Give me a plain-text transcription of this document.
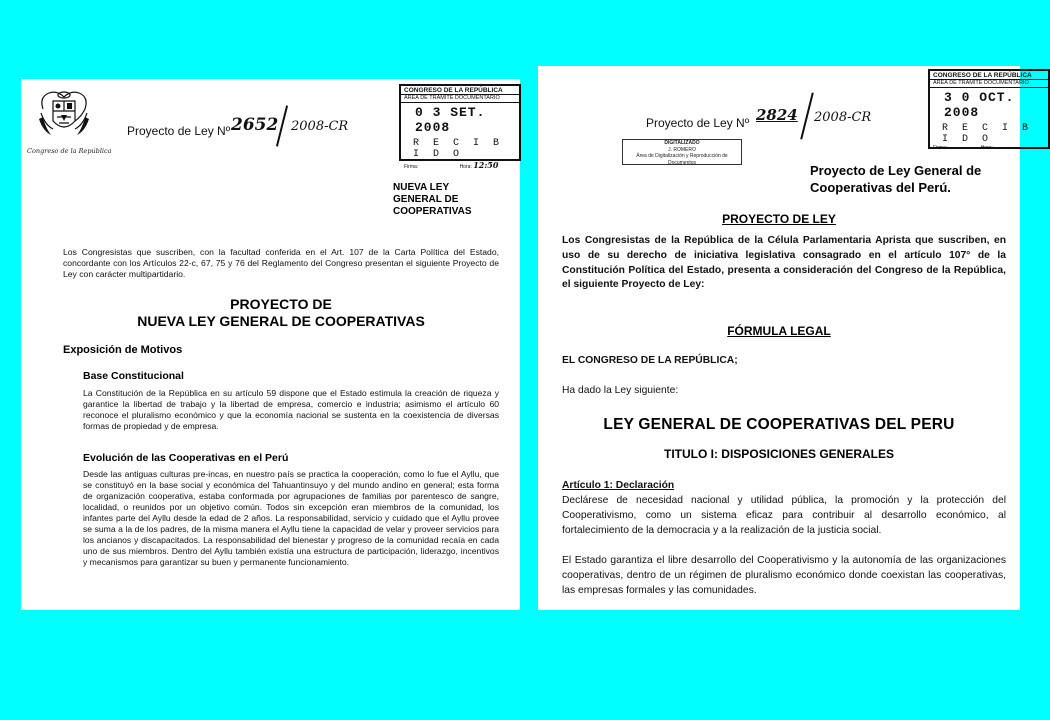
Congreso de la República
Proyecto de Ley Nº 2652 2008-CR
CONGRESO DE LA REPÚBLICA
ÁREA DE TRÁMITE DOCUMENTARIO
0 3 SET. 2008
R E C I B I D O
Firma:	Hora: 12:50
NUEVA LEY
GENERAL DE
COOPERATIVAS

Los Congresistas que suscriben, con la facultad conferida en el Art. 107 de la Carta Política del Estado, concordante con los Artículos 22-c, 67, 75 y 76 del Reglamento del Congreso presentan el siguiente Proyecto de Ley con carácter multipartidario.

PROYECTO DE

NUEVA LEY GENERAL DE COOPERATIVAS

Exposición de Motivos

Base Constitucional

La Constitución de la República en su artículo 59 dispone que el Estado estimula la creación de riqueza y garantice la libertad de trabajo y la libertad de empresa, comercio e industria; asimismo el artículo 60 reconoce el pluralismo económico y que la economía nacional se sustenta en la coexistencia de diversas formas de propiedad y de empresa.

Evolución de las Cooperativas en el Perú

Desde las antiguas culturas pre-incas, en nuestro país se practica la cooperación, como lo fue el Ayllu, que se constituyó en la base social y económica del Tahuantinsuyo y del mundo andino en general; esta forma de organización cooperativa, estaba conformada por agrupaciones de familias por parentesco de sangre, localidad, o reunidos por un objetivo común. Todos sin excepción eran miembros de la comunidad, los infantes parte del Ayllu desde la edad de 2 años. La responsabilidad, servicio y cuidado que el Ayllu provee se suma a la de los padres, de la misma manera el Ayllu tiene la capacidad de velar y proveer servicios para los ancianos y discapacitados. La responsabilidad del bienestar y progreso de la comunidad recaía en cada uno de sus miembros. Dentro del Ayllu también existía una estructura de participación, liderazgo, incentivos y mecanismos para garantizar su buen y permanente funcionamiento.

Proyecto de Ley Nº 2824 2008-CR
DIGITALIZADO
J. ROMERO
Área de Digitalización y Reproducción de Documentos
CONGRESO DE LA REPÚBLICA
ÁREA DE TRÁMITE DOCUMENTARIO
3 0 OCT. 2008
R E C I B I D O
Firma:	Hora:
Proyecto de Ley General de
Cooperativas del Perú.

PROYECTO DE LEY

Los Congresistas de la República de la Célula Parlamentaria Aprista que suscriben, en uso de su derecho de iniciativa legislativa consagrado en el artículo 107° de la Constitución Política del Estado, presenta a consideración del Congreso de la República, el siguiente Proyecto de Ley:

FÓRMULA LEGAL

EL CONGRESO DE LA REPÚBLICA;

Ha dado la Ley siguiente:

LEY GENERAL DE COOPERATIVAS DEL PERU

TITULO I: DISPOSICIONES GENERALES

Artículo 1: Declaración

Declárese de necesidad nacional y utilidad pública, la promoción y la protección del Cooperativismo, como un sistema eficaz para contribuir al desarrollo económico, al fortalecimiento de la democracia y a la realización de la justicia social.

El Estado garantiza el libre desarrollo del Cooperativismo y la autonomía de las organizaciones cooperativas, dentro de un régimen de pluralismo económico donde coexistan las cooperativas, las empresas formales y las comunidades.
